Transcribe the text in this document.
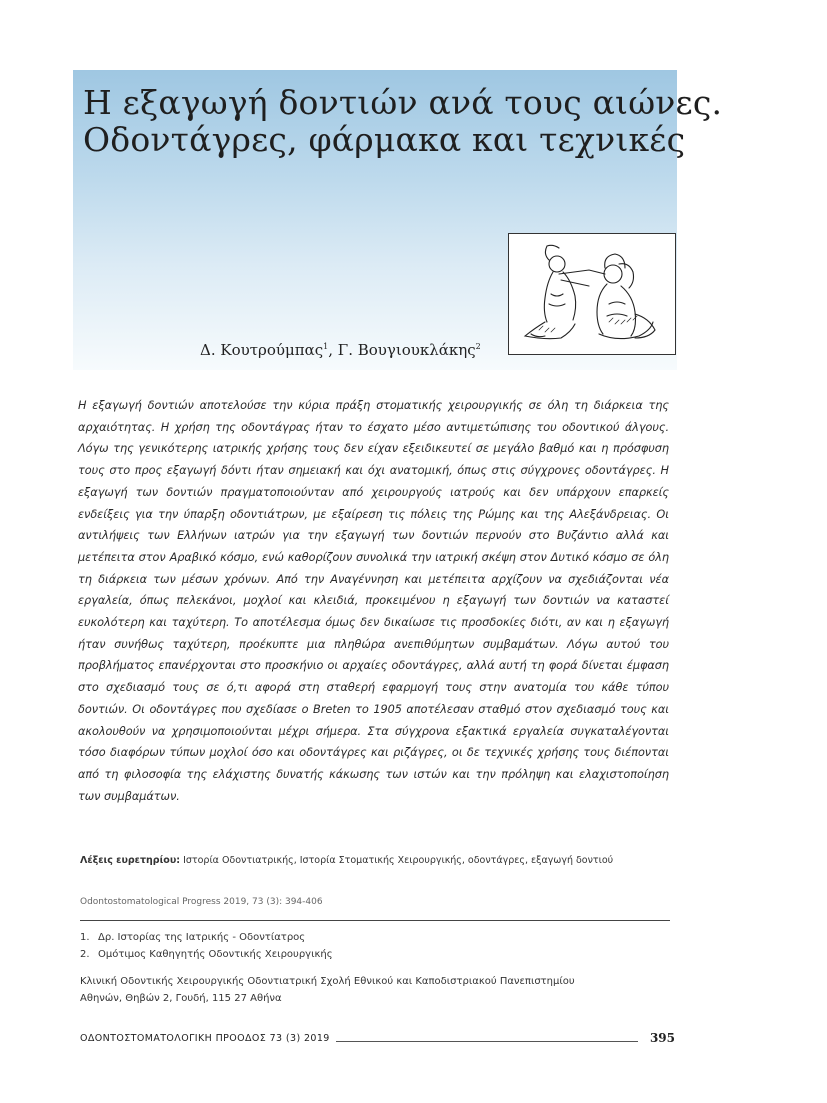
Η εξαγωγή δοντιών ανά τους αιώνες.
Οδοντάγρες, φάρμακα και τεχνικές
Δ. Κουτρούμπας$^1$, Γ. Βουγιουκλάκης$^2$

Η εξαγωγή δοντιών αποτελούσε την κύρια πράξη στοματικής χειρουργικής σε όλη τη διάρκεια της αρχαιότητας. Η χρήση της οδοντάγρας ήταν το έσχατο μέσο αντιμετώπισης του οδοντικού άλγους. Λόγω της γενικότερης ιατρικής χρήσης τους δεν είχαν εξειδικευτεί σε μεγάλο βαθμό και η πρόσφυση τους στο προς εξαγωγή δόντι ήταν σημειακή και όχι ανατομική, όπως στις σύγχρονες οδοντάγρες. Η εξαγωγή των δοντιών πραγματοποιούνταν από χειρουργούς ιατρούς και δεν υπάρχουν επαρκείς ενδείξεις για την ύπαρξη οδοντιάτρων, με εξαίρεση τις πόλεις της Ρώμης και της Αλεξάνδρειας. Οι αντιλήψεις των Ελλήνων ιατρών για την εξαγωγή των δοντιών περνούν στο Βυζάντιο αλλά και μετέπειτα στον Αραβικό κόσμο, ενώ καθορίζουν συνολικά την ιατρική σκέψη στον Δυτικό κόσμο σε όλη τη διάρκεια των μέσων χρόνων. Από την Αναγέννηση και μετέπειτα αρχίζουν να σχεδιάζονται νέα εργαλεία, όπως πελεκάνοι, μοχλοί και κλειδιά, προκειμένου η εξαγωγή των δοντιών να καταστεί ευκολότερη και ταχύτερη. Το αποτέλεσμα όμως δεν δικαίωσε τις προσδοκίες διότι, αν και η εξαγωγή ήταν συνήθως ταχύτερη, προέκυπτε μια πληθώρα ανεπιθύμητων συμβαμάτων. Λόγω αυτού του προβλήματος επανέρχονται στο προσκήνιο οι αρχαίες οδοντάγρες, αλλά αυτή τη φορά δίνεται έμφαση στο σχεδιασμό τους σε ό,τι αφορά στη σταθερή εφαρμογή τους στην ανατομία του κάθε τύπου δοντιών. Οι οδοντάγρες που σχεδίασε ο Breten το 1905 αποτέλεσαν σταθμό στον σχεδιασμό τους και ακολουθούν να χρησιμοποιούνται μέχρι σήμερα. Στα σύγχρονα εξακτικά εργαλεία συγκαταλέγονται τόσο διαφόρων τύπων μοχλοί όσο και οδοντάγρες και ριζάγρες, οι δε τεχνικές χρήσης τους διέπονται από τη φιλοσοφία της ελάχιστης δυνατής κάκωσης των ιστών και την πρόληψη και ελαχιστοποίηση των συμβαμάτων.

Λέξεις ευρετηρίου: Ιστορία Οδοντιατρικής, Ιστορία Στοματικής Χειρουργικής, οδοντάγρες, εξαγωγή δοντιού
Odontostomatological Progress 2019, 73 (3): 394-406
1. Δρ. Ιστορίας της Ιατρικής - Οδοντίατρος
2. Ομότιμος Καθηγητής Οδοντικής Χειρουργικής

Κλινική Οδοντικής Χειρουργικής Οδοντιατρική Σχολή Εθνικού και Καποδιστριακού Πανεπιστημίου
Αθηνών, Θηβών 2, Γουδή, 115 27 Αθήνα

ΟΔΟΝΤΟΣΤΟΜΑΤΟΛΟΓΙΚΗ ΠΡΟΟΔΟΣ 73 (3) 2019	395
